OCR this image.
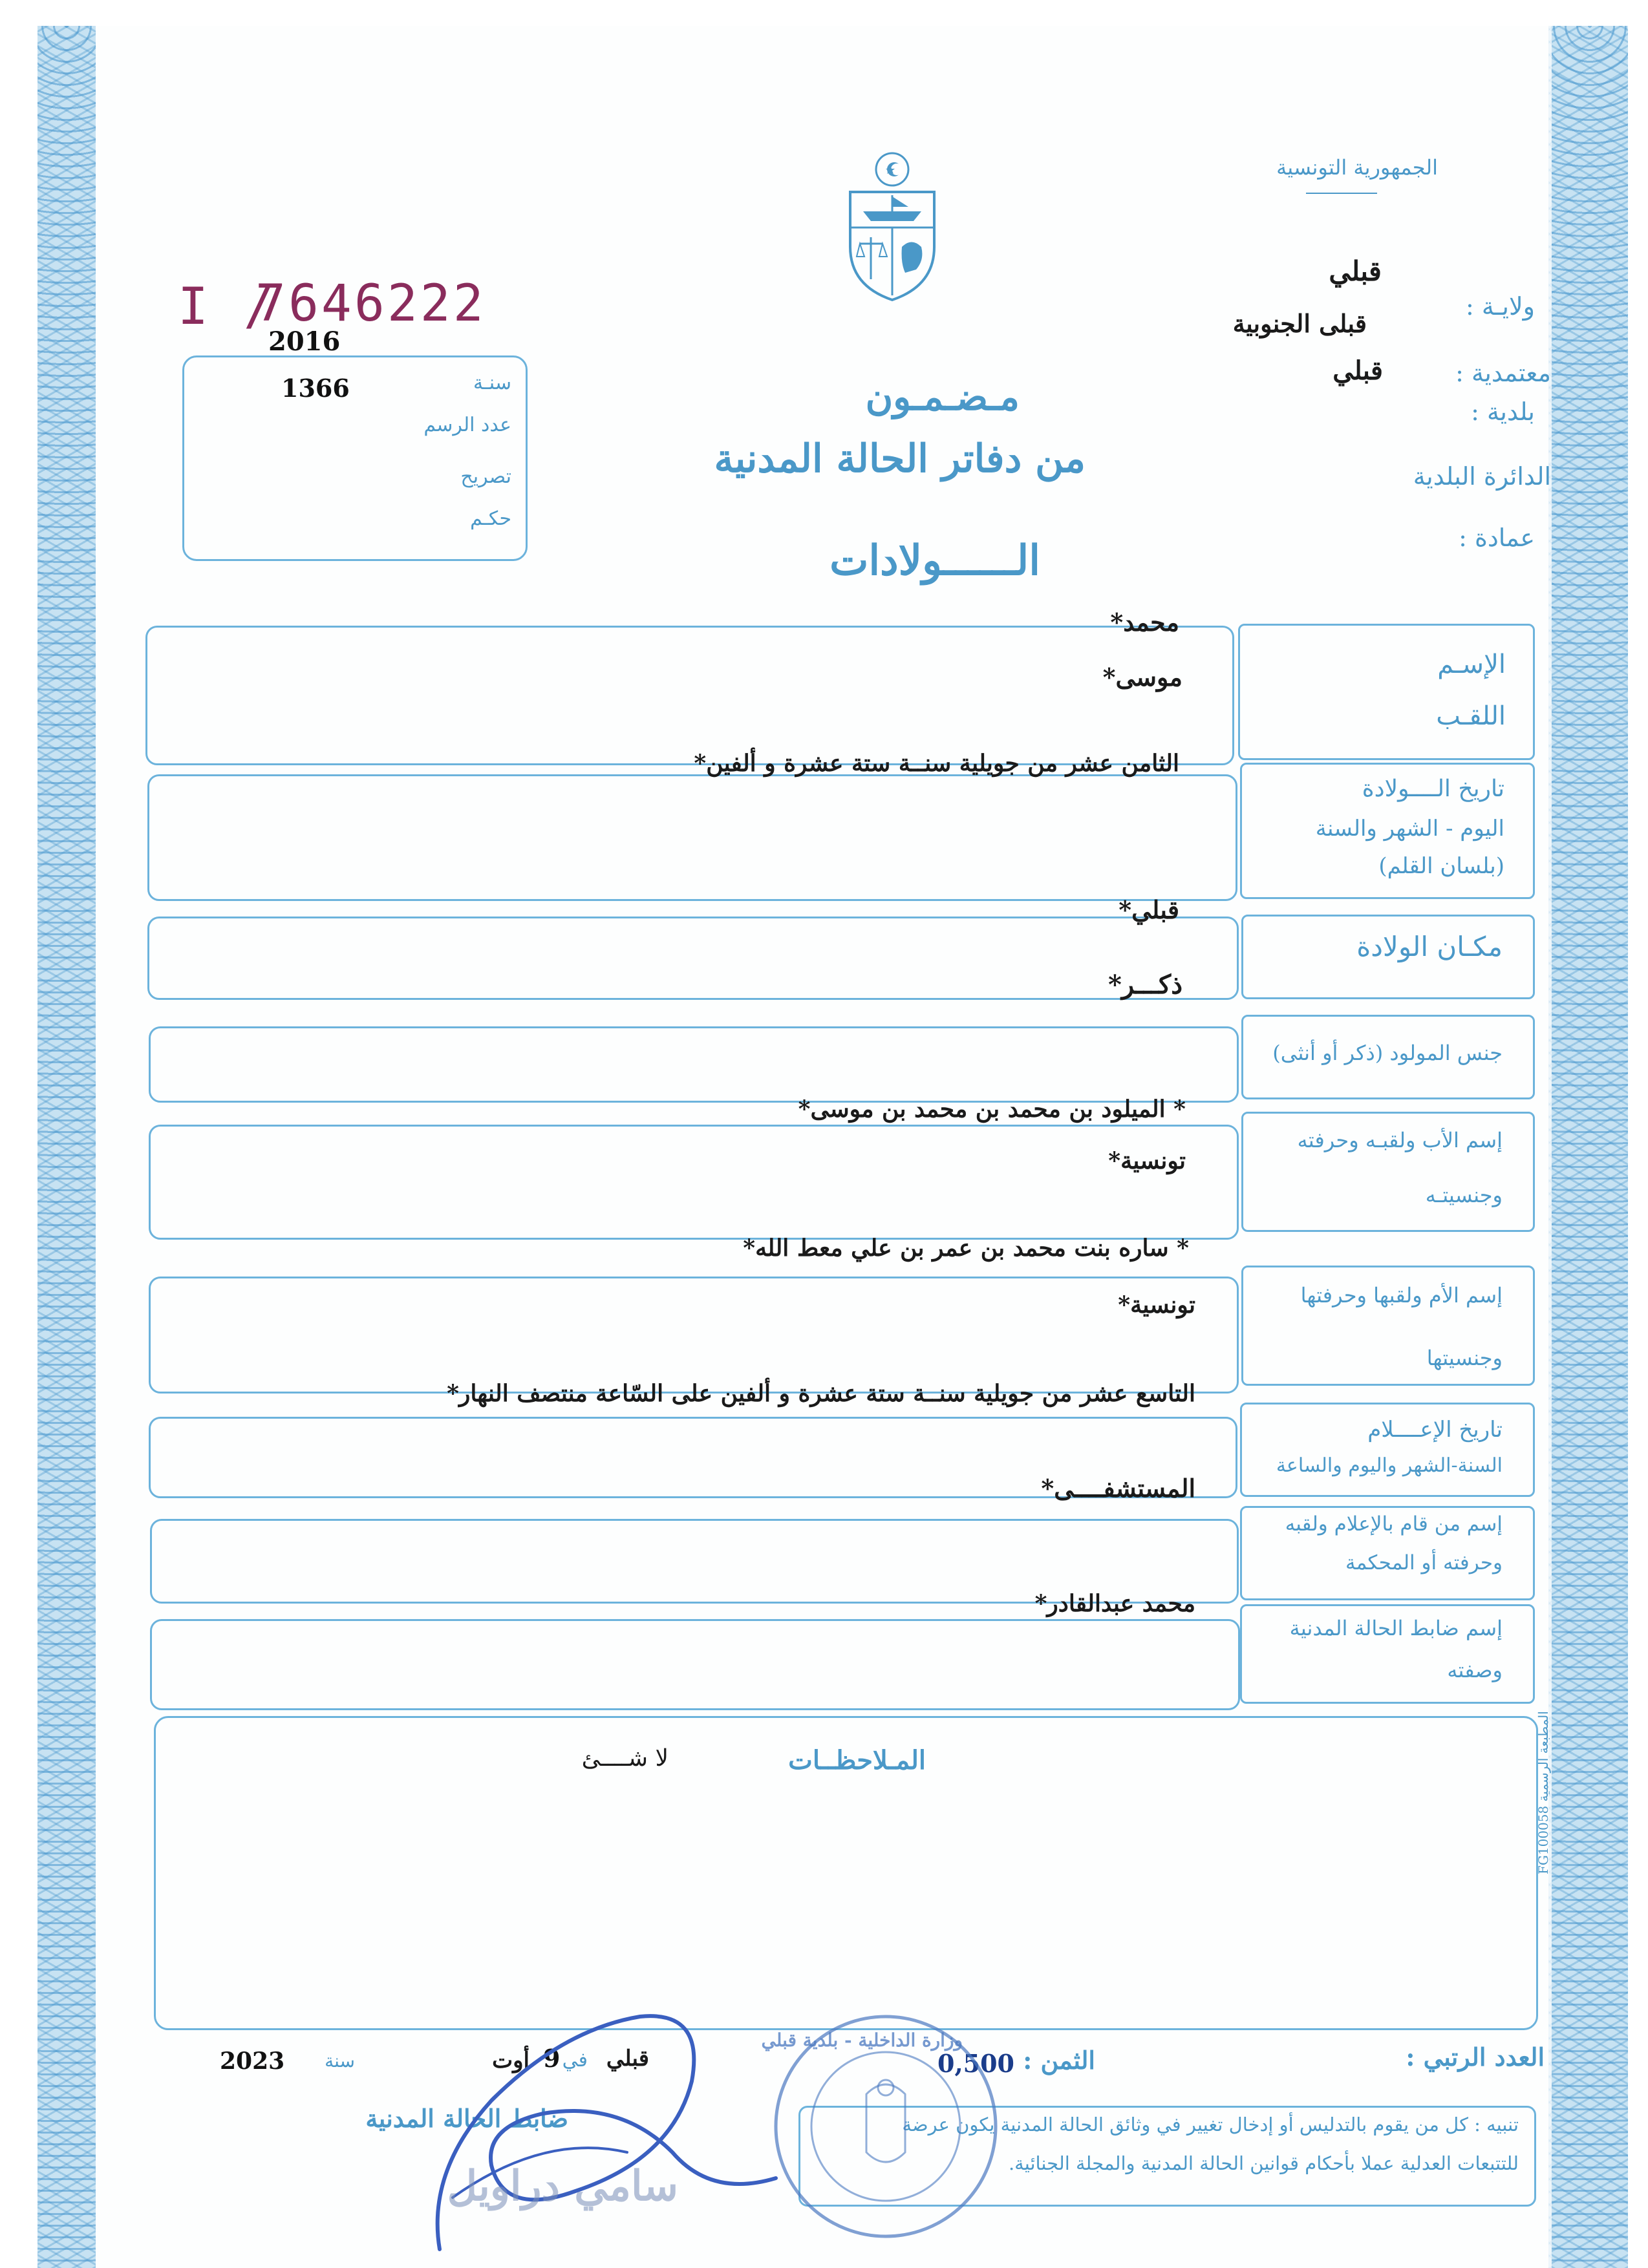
الجمهورية التونسية
ولايـة :
قبلي
قبلى الجنوبية
معتمدية :
قبلي
بلدية :
الدائرة البلدية
عمادة :
I /
7646222
2016
سنـة
1366
عدد الرسم
تصريح
حكـم
مـضـمـون
من دفاتر الحالة المدنية
الــــــولادات
الإسـم
اللقـب
محمد*
موسى*
تاريخ الــــولادة
اليوم - الشهر والسنة
(بلسان القلم)
الثامن عشر من جويلية سنــة ستة عشرة و ألفين*
مكـان الولادة
قبلي*
جنس المولود (ذكر أو أنثى)
ذكـــر*
إسم الأب ولقبـه وحرفته
وجنسيتـه
* الميلود بن محمد بن محمد بن موسى*
تونسية*
إسم الأم ولقبها وحرفتها
وجنسيتها
* ساره بنت محمد بن عمر بن علي معط الله*
تونسية*
تاريخ الإعــــلام
السنة-الشهر واليوم والساعة
التاسع عشر من جويلية سنــة ستة عشرة و ألفين على السّاعة منتصف النهار*
إسم من قام بالإعلام ولقبه
وحرفته أو المحكمة
المستشفــــى*
إسم ضابط الحالة المدنية
وصفته
محمد عبدالقادر*
المـلاحظــات
لا شــــئ
المطبعة الرسمية FG100058
العدد الرتبي :
الثمن :
0,500
قبلي
في
9
أوت
سنة
2023
ضابط الحالة المدنية	تنبيه : كل من يقوم بالتدليس أو إدخال تغيير في وثائق الحالة المدنية يكون عرضة
للتتبعات العدلية عملا بأحكام قوانين الحالة المدنية والمجلة الجنائية.
وزارة الداخلية - بلدية قبلي
سامي دراويل
